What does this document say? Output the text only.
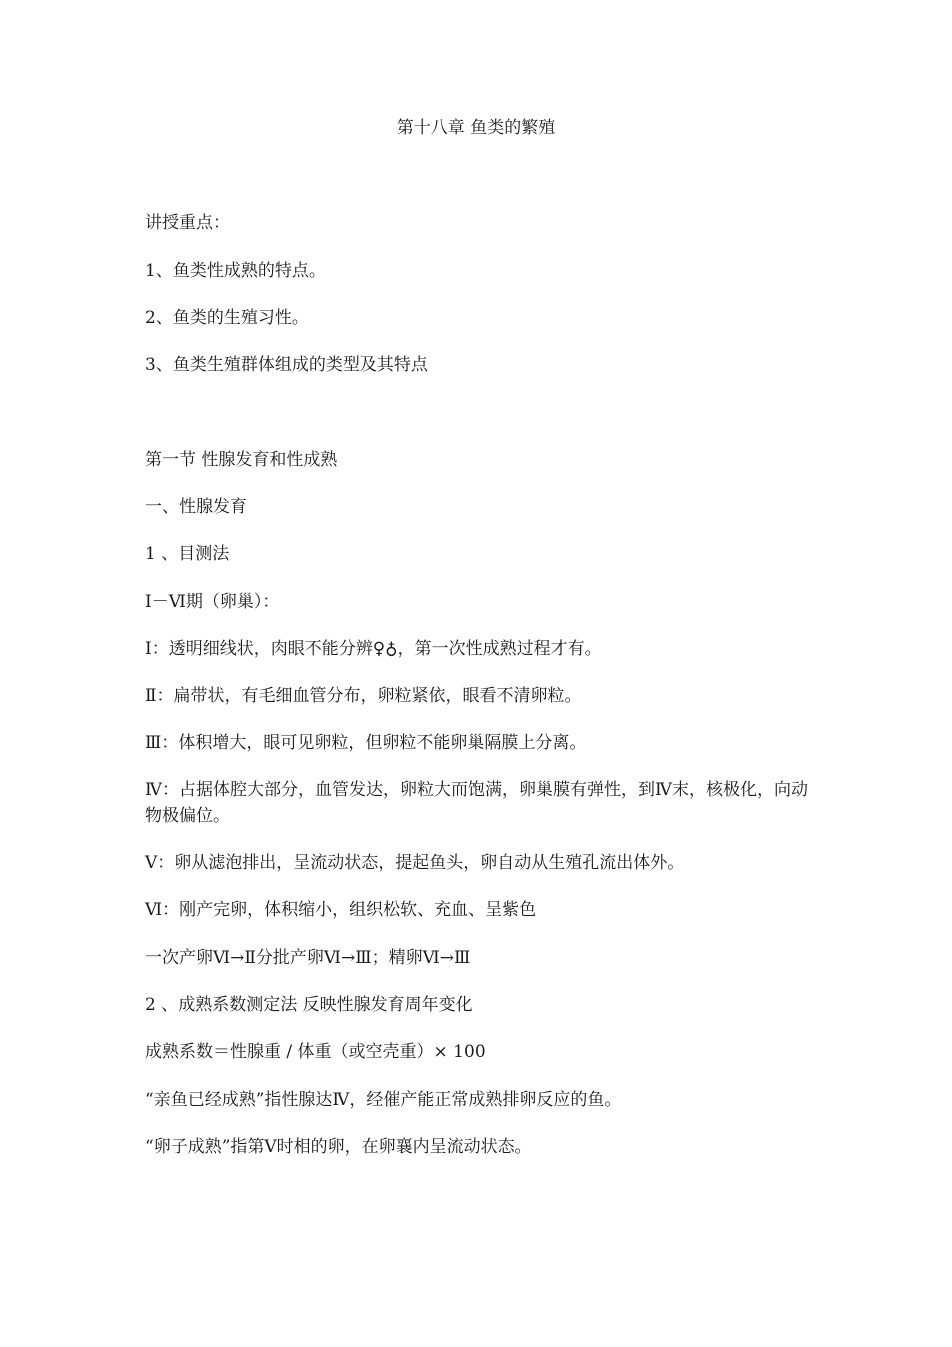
第十八章 鱼类的繁殖
讲授重点：
1、鱼类性成熟的特点。
2、鱼类的生殖习性。
3、鱼类生殖群体组成的类型及其特点
第一节 性腺发育和性成熟
一、性腺发育
1 、目测法
Ⅰ－Ⅵ期（卵巢）：
Ⅰ：透明细线状，肉眼不能分辨♀♁，第一次性成熟过程才有。
Ⅱ：扁带状，有毛细血管分布，卵粒紧依，眼看不清卵粒。
Ⅲ：体积增大，眼可见卵粒，但卵粒不能卵巢隔膜上分离。
Ⅳ：占据体腔大部分，血管发达，卵粒大而饱满，卵巢膜有弹性，到Ⅳ末，核极化，向动物极偏位。
Ⅴ：卵从滤泡排出，呈流动状态，提起鱼头，卵自动从生殖孔流出体外。
Ⅵ：刚产完卵，体积缩小，组织松软、充血、呈紫色
一次产卵Ⅵ→Ⅱ分批产卵Ⅵ→Ⅲ；精卵Ⅵ→Ⅲ
2 、成熟系数测定法 反映性腺发育周年变化
成熟系数＝性腺重 / 体重（或空壳重）× 100
“亲鱼已经成熟”指性腺达Ⅳ，经催产能正常成熟排卵反应的鱼。
“卵子成熟”指第Ⅴ时相的卵，在卵襄内呈流动状态。
